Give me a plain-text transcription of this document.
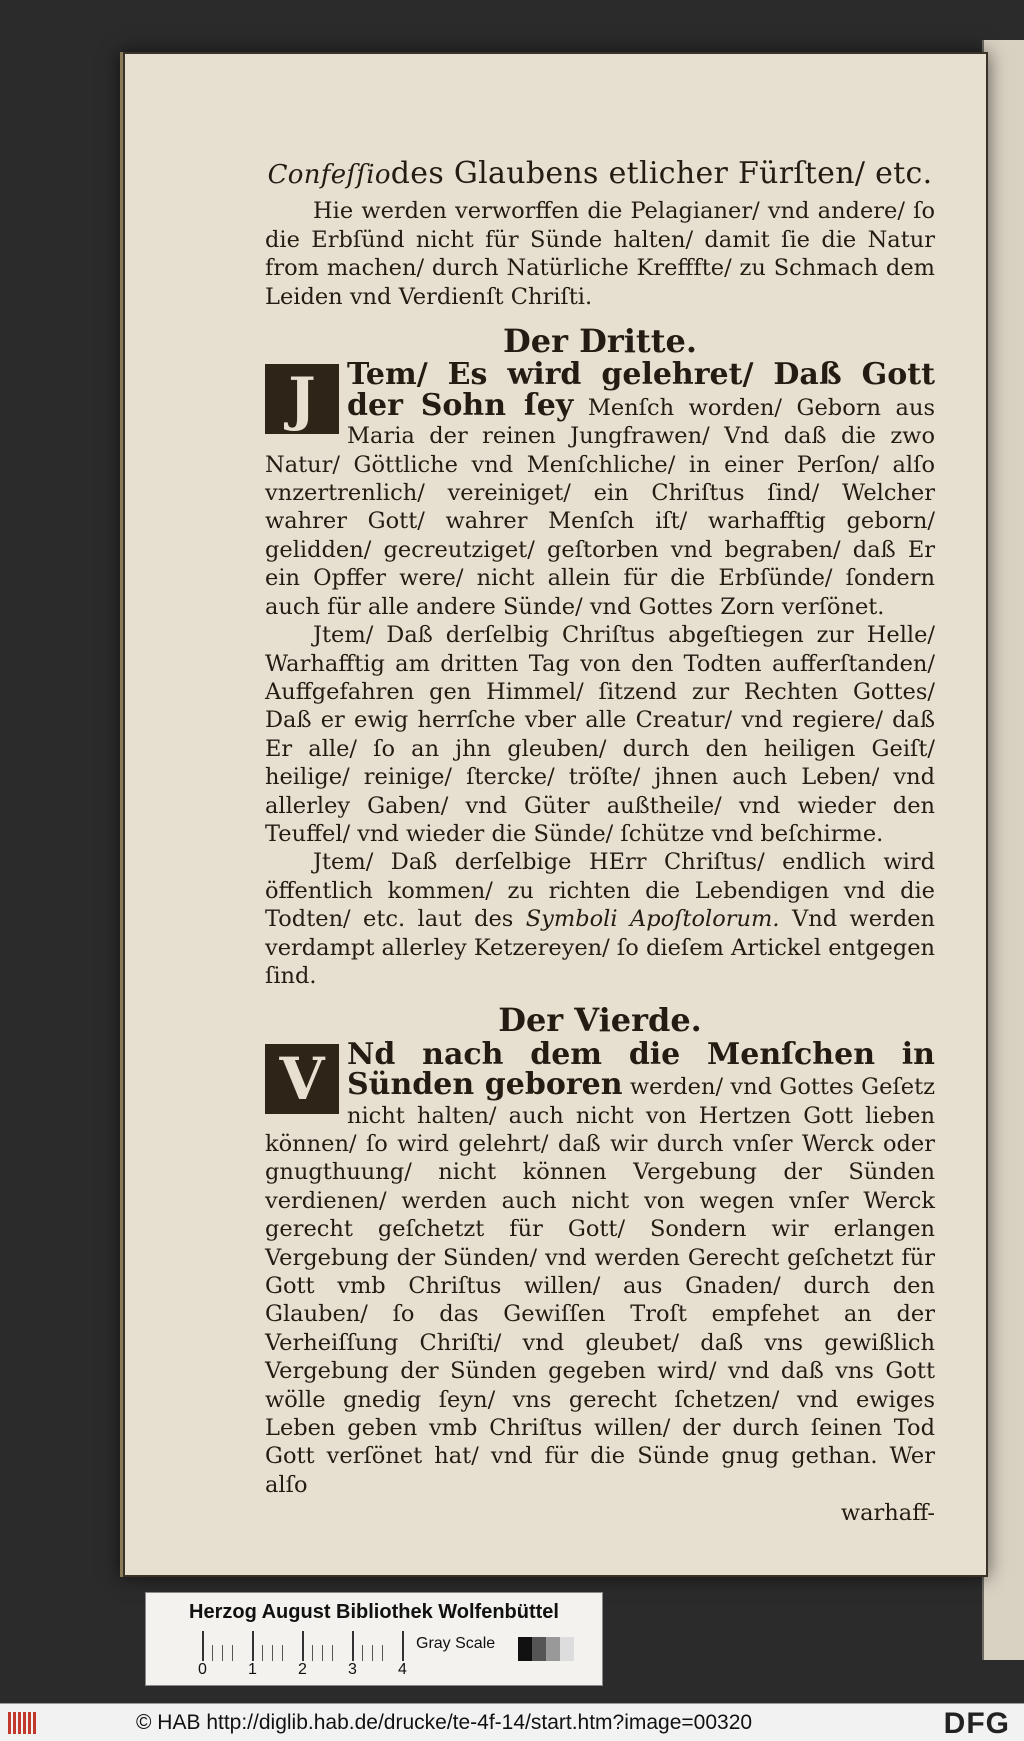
Confeſſiodes Glaubens etlicher Fürſten/ etc.

Hie werden verworffen die Pelagianer/ vnd andere/ ſo die Erbſünd nicht für Sünde halten/ damit ſie die Natur from machen/ durch Natürliche Krefffte/ zu Schmach dem Leiden vnd Verdienſt Chriſti.

Der Dritte.

J	Tem/ Es wird gelehret/ Daß Gott der Sohn ſey Menſch worden/ Geborn aus Maria der reinen Jungfrawen/ Vnd daß die zwo Natur/ Göttliche vnd Menſchliche/ in einer Perſon/ alſo vnzertrenlich/ vereiniget/ ein Chriſtus ſind/ Welcher wahrer Gott/ wahrer Menſch iſt/ warhafftig geborn/ gelidden/ gecreutziget/ geſtorben vnd begraben/ daß Er ein Opffer were/ nicht allein für die Erbſünde/ ſondern auch für alle andere Sünde/ vnd Gottes Zorn verſönet.

Jtem/ Daß derſelbig Chriſtus abgeſtiegen zur Helle/ Warhafftig am dritten Tag von den Todten aufferſtanden/ Auffgefahren gen Himmel/ ſitzend zur Rechten Gottes/ Daß er ewig herrſche vber alle Creatur/ vnd regiere/ daß Er alle/ ſo an jhn gleuben/ durch den heiligen Geiſt/ heilige/ reinige/ ſtercke/ tröſte/ jhnen auch Leben/ vnd allerley Gaben/ vnd Güter außtheile/ vnd wieder den Teuffel/ vnd wieder die Sünde/ ſchütze vnd beſchirme.

Jtem/ Daß derſelbige HErr Chriſtus/ endlich wird öffentlich kommen/ zu richten die Lebendigen vnd die Todten/ etc. laut des Symboli Apoſtolorum. Vnd werden verdampt allerley Ketzereyen/ ſo dieſem Artickel entgegen ſind.

Der Vierde.

V Nd nach dem die Menſchen in Sünden geboren werden/ vnd Gottes Geſetz nicht halten/ auch nicht von Hertzen Gott lieben können/ ſo wird gelehrt/ daß wir durch vnſer Werck oder gnugthuung/ nicht können Vergebung der Sünden verdienen/ werden auch nicht von wegen vnſer Werck gerecht geſchetzt für Gott/ Sondern wir erlangen Vergebung der Sünden/ vnd werden Gerecht geſchetzt für Gott vmb Chriſtus willen/ aus Gnaden/ durch den Glauben/ ſo das Gewiſſen Troſt empfehet an der Verheiſſung Chriſti/ vnd gleubet/ daß vns gewißlich Vergebung der Sünden gegeben wird/ vnd daß vns Gott wölle gnedig ſeyn/ vns gerecht ſchetzen/ vnd ewiges Leben geben vmb Chriſtus willen/ der durch ſeinen Tod Gott verſönet hat/ vnd für die Sünde gnug gethan. Wer alſo

warhaff-

Herzog August Bibliothek Wolfenbüttel
0	1	2	3	4
Gray Scale
© HAB http://diglib.hab.de/drucke/te-4f-14/start.htm?image=00320	DFG
